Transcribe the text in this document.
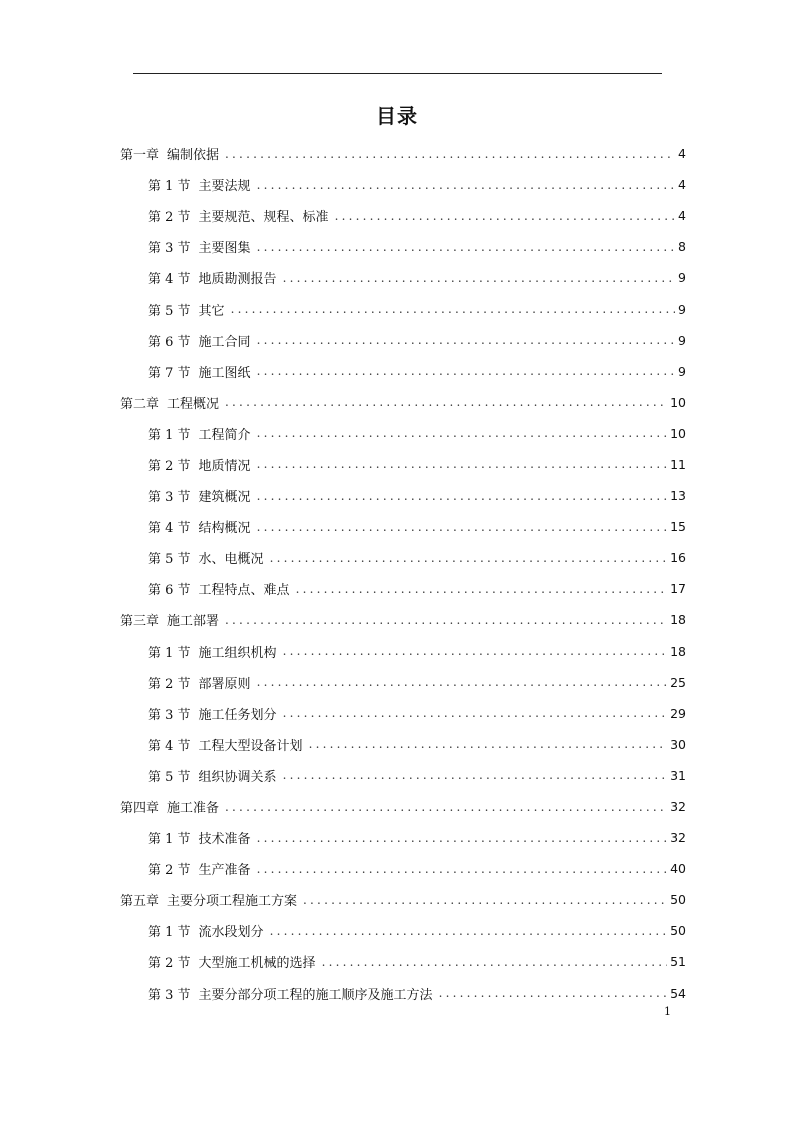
目录
第一章 编制依据 .....	4
第 1 节 主要法规 .....	4
第 2 节 主要规范、规程、标准 .....	4
第 3 节 主要图集 .....	8
第 4 节 地质勘测报告 .....	9
第 5 节 其它 .....	9
第 6 节 施工合同 .....	9
第 7 节 施工图纸 .....	9
第二章 工程概况 .....	10
第 1 节 工程简介 .....	10
第 2 节 地质情况 .....	11
第 3 节 建筑概况 .....	13
第 4 节 结构概况 .....	15
第 5 节 水、电概况 .....	16
第 6 节 工程特点、难点 .....	17
第三章 施工部署 .....	18
第 1 节 施工组织机构 .....	18
第 2 节 部署原则 .....	25
第 3 节 施工任务划分 .....	29
第 4 节 工程大型设备计划 .....	30
第 5 节 组织协调关系 .....	31
第四章 施工准备 .....	32
第 1 节 技术准备 .....	32
第 2 节 生产准备 .....	40
第五章 主要分项工程施工方案 .....	50
第 1 节 流水段划分 .....	50
第 2 节 大型施工机械的选择 .....	51
第 3 节 主要分部分项工程的施工顺序及施工方法 .....	54
1
